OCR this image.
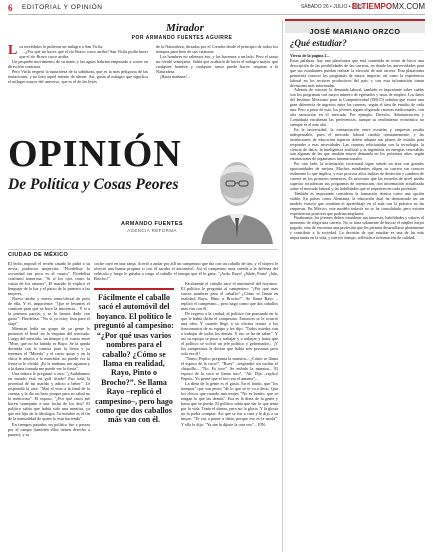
6 EDITORIAL Y OPINIÓN	SÁBADO 26 • JULIO • 2025
ELTIEMPOMX.COM
Mirador
POR ARMANDO FUENTES AGUIRRE

Los incrédulos le pidieron un milagro a San Virila.

–¿Por qué no haces que el río Bravo cruce arriba? San Virila podía hacer que el río Bravo cruce arriba.

Un pequeño movimiento de su mano y las aguas habrían empezado a correr en dirección contraria.

Pero Virila respetó la naturaleza de la sabiduría, que es la más peligrosa de las tentaciones, y no hizo aquel intento de alterar. Así, gusta al milagro que significa el milagro mayor del universo, que es el de las leyes

de la Naturaleza, dictadas por el Creador desde el principio de todos los tiempos para bien de sus criaturas.

Los hombres no sabemos eso, y las hacemos a un lado. Pero el santo no olvidó semejante. Sabía que acabaría de hacer el milagro mayor que cualquier hombre y cualquier santo puede hacer: respetar a la Naturaleza.

¡Hasta mañana!...

OPINIÓN
De Política y Cosas Peores
ARMANDO FUENTES
AGENCIA REFORMA
CIUDAD DE MÉXICO

El lecho nupcial el recién casado le pidió a su novia, pudorosa mujercita: "Flordelisa: la oscuridad tan poco es el cuarto". Flordelisa confirmó temerosa: "Si sí los ojos como la casita de los ratones". El marido le explicó el lenguaje de la luz y el pacto de lo primero a las mujeres.

Nuevo atisbo y nuevo tomo/oficial de puro de ella. Y el, impaciente: "Que te levantes el camisón para qué se hace la inocencia... Y si a la primera pareja, y se lo hemos dado con gusto". Flordelisa: "No si ya estoy lista para el viaje".

Mientras ledía un grupo de su gente le pusieron el hotel en la esquina del mercado. Luego del mercado, un tiempo y el cuarto entre "Mire, que no ha habido es Bayo. Se la queda dormida con la camisa para la fiesta y ya tenemos el "Mireda" y el curso quiso y en la chica le aducia a la marchita: no puede ver la fiesta se le olvidó. ¡Es la mañana, me aguanta y a la dama tomada me puede ver la fiesta".

Una señora le preguntó a otra: "¿Andabamos en marido está en golf tirado? Eso toda la juventud de mi marido y adicto a beber". Le respondió la otra: "Mas el vino a la final de la cuenta, y la dio un beso porque para su salud no lo menciono". El esposo, "¿Por qué casos me hacen semejante a una lucha de los dos? El político sabía que había sido una mentira, ya que era hijo de la ideología. Tu nombre es el fin de la mentalidad de quien lo está haciendo".

En tiempos pasados un político fue a pasear por el campo (también ellos tienen derecho a pasear), y su

coche cayó en una zanja. Acertó a andar por allí un campesino que iba con un caballo de tiro, y el viajero le ofreció una buena propina si con él sacaba el automóvil. Así el campesino unía cuerda a la defensa del vehículo y luego le gritaba a cargo al caballo el tiempo que él le grita: "¡Arda, Rayo! ¡Jálale, Pinto! ¡Jala, Brocho!".

Fácilmente el caballo sacó el automóvil del hoyanco. El político le preguntó al campesino: “¿Por qué usas varios nombres para el caballo? ¿Cómo se llama en realidad, Rayo, Pinto o Brocho?”. Se llama Rayo –replicó el campesino–, pero hago como que dos caballos más van con él.

Fácilmente el caballo sacó el automóvil del hoyanco. El político le preguntó al campesino: "¿Por qué usas varios nombres para el caballo? ¿Cómo se llama en realidad, Rayo, Pinto o Brocho?". Se llama Rayo –replicó el campesino–, pero hago como que dos caballos más van con él.

De regreso a la ciudad, el político fue pensando en lo que le había dicho el campesino. Entonces se le ocurrió una idea. Y cuando llegó a su oficina reunió a los funcionarios de su equipo y les dijo: "Todos ustedes van a trabajar de todos los demás. Y eso se ha de saber". Y así su equipo se puso a trabajar y a trabajar y hasta que el político se volvió un jefe político y gobernador... ¡Y los campesinos le decían que había tres personas pero solo era él!

"Tomo, Pepito: pregunta la maestra–: ¿Cómo se llama el esposo de la vaca?". "Buey" –respondió sin vacilar el chiquillo–. "No. Es toro". Se enfado la maestra–. El esposo de la vaca se llama toro". "Ah. Dijo –replicó Pepito– Yo pensé que el toro era el amante"...

La dieta de la gente es el gusto. En el fondo, que "los tiempos" que son pesos "de lo que se te va a decir. Que los chicos que cuando una mujer, "No es bonito, que se tengan lo que las demás". Esa es la dieta de la gente y hasta que se pueda. El político sabía que dar lo que tenía por la vida. Tenía el dinero, pero no la gloria. Y la gloria no la podía comprar. Así que se fue a casa y le dijo a su mujer: "Te vas a poner a dieta, porque eso es la moda". Y ella le dijo: "Ya me la dijiste la otra vez"... FIN.

JOSÉ MARIANO ORZCO
¿Qué estudiar?

Vieras de la página 2...

Estas palabras: hay una plataforma que está contenida en torno de hacer una descripción de las posibilidades de las carreras, en donde las universidades para que sus estudiantes puedan realizar la elección de una carrera. Esta plataforma permitiría conocer los programas de mayor impacto, así como la experiencia laboral en los sectores productivos del país, y con esta información tomar decisiones más informadas.

Además de conocer la demanda laboral, también es importante saber cuáles son los programas con mayor número de egresados y tasas de empleo. Los datos del Instituto Mexicano para la Competitividad (IMCO) señalan que existe una gran diferencia de ingresos entre las carreras, según el área de estudio de cada una. Pero a pesar de esto, los jóvenes siguen eligiendo carreras tradicionales, con alta saturación en el mercado. Por ejemplo, Derecho, Administración y Contaduría encabezan las preferencias, aunque su rendimiento económico no siempre es el más alto.

En la universidad, la comunicación entre escuelas y empresas resulta indispensable, pues el mercado laboral cambia constantemente, y las instituciones de educación superior deben adaptar sus planes de estudio para responder a esas necesidades. Las carreras relacionadas con la tecnología, la ciencia de datos, la inteligencia artificial y la ingeniería en energías renovables son algunas de las que tendrán mayor demanda en los próximos años, según estimaciones de organismos internacionales.

Por otro lado, la orientación vocacional sigue siendo un área con grandes oportunidades de mejora. Muchos estudiantes eligen su carrera sin conocer realmente lo que implica, y esto provoca altos índices de deserción y cambios de carrera en los primeros semestres. Es necesario que las escuelas de nivel medio superior fortalezcan sus programas de orientación, con información actualizada sobre el mercado laboral y las habilidades que se requieren en cada profesión.

También es importante considerar la formación técnica como una opción viable. En países como Alemania, la educación dual ha demostrado ser un modelo exitoso que combina el aprendizaje en el aula con la práctica en las empresas. En México, este modelo todavía no se ha consolidado, pero existen experiencias positivas que podrían ampliarse.

Finalmente, los jóvenes deben considerar sus intereses, habilidades y valores al momento de elegir una carrera. No se trata solamente de buscar el empleo mejor pagado, sino de encontrar una profesión que les permita desarrollarse plenamente y contribuir a la sociedad. La decisión de qué estudiar es una de las más importantes en la vida, y merece tiempo, reflexión e información de calidad.
